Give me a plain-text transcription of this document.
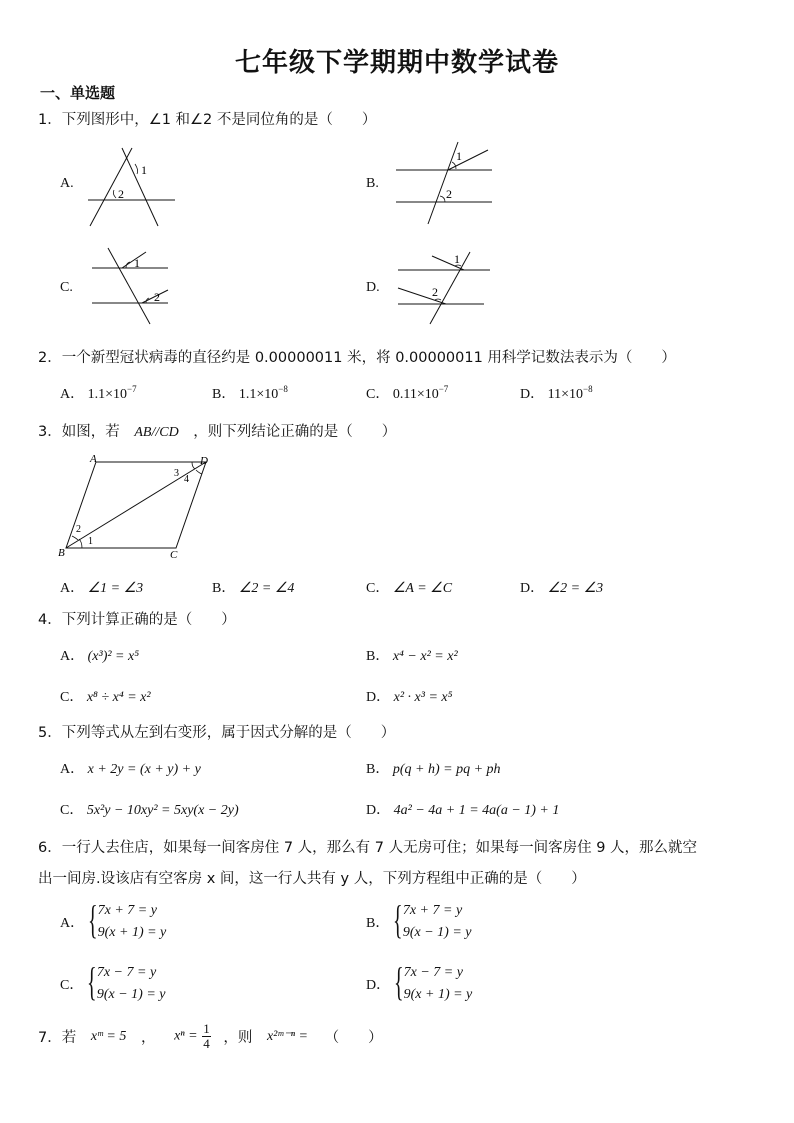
七年级下学期期中数学试卷
一、单选题
1．下列图形中，∠1 和∠2 不是同位角的是（　　）
A.	B.
C.	D.
1
2
1
2
1
2
1
2
2．一个新型冠状病毒的直径约是 0.00000011 米，将 0.00000011 用科学记数法表示为（　　）
A． $1.1\times 10^{-7}$	B． $1.1\times 10^{-8}$	C． $0.11\times 10^{-7}$	D． $11\times 10^{-8}$
3．如图，若 AB//CD ，则下列结论正确的是（　　）
A	D
B	C
1
2
3
4
A． ∠1 = ∠3	B． ∠2 = ∠4	C． ∠A = ∠C	D． ∠2 = ∠3
4．下列计算正确的是（　　）
A． (x³)² = x⁵	B． x⁴ − x² = x²
C． x⁸ ÷ x⁴ = x²	D． x² · x³ = x⁵
5．下列等式从左到右变形，属于因式分解的是（　　）
A． x + 2y = (x + y) + y	B． p(q + h) = pq + ph
C． 5x²y − 10xy² = 5xy(x − 2y)	D． 4a² − 4a + 1 = 4a(a − 1) + 1
6．一行人去住店，如果每一间客房住 7 人，那么有 7 人无房可住；如果每一间客房住 9 人，那么就空
出一间房.设该店有空客房 x 间，这一行人共有 y 人，下列方程组中正确的是（　　）
A． { 7x + 7 = y
9(x + 1) = y
B． { 7x + 7 = y
9(x − 1) = y
C． { 7x − 7 = y
9(x − 1) = y
D． { 7x − 7 = y
9(x + 1) = y
7．若 xᵐ = 5 ， $x^n = \frac{1}{4}$ ，则 x²ᵐ⁻ⁿ = （　　）
